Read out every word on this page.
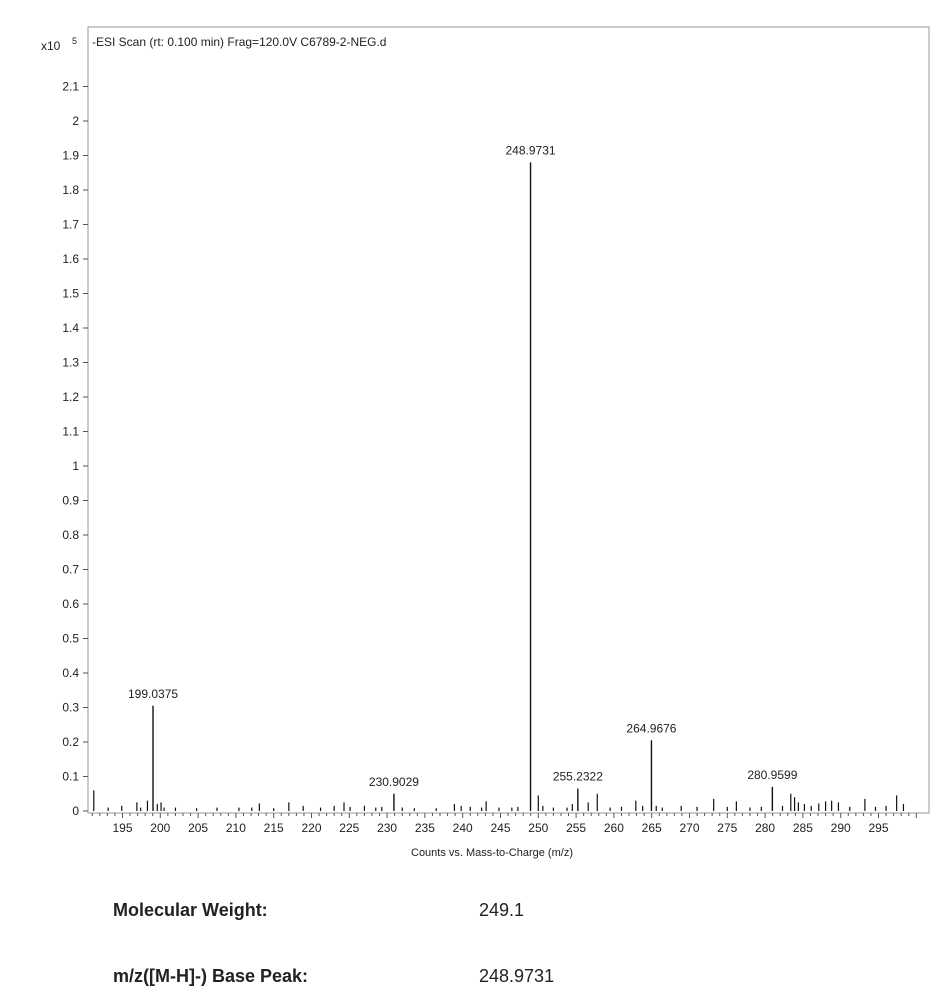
-ESI Scan (rt: 0.100 min) Frag=120.0V C6789-2-NEG.d
x10 5
0
0.1
0.2
0.3
0.4
0.5
0.6
0.7
0.8
0.9
1
1.1
1.2
1.3
1.4
1.5
1.6
1.7
1.8
1.9
2
2.1
195 200 205 210 215 220 225 230 235 240 245 250 255 260 265 270 275 280 285 290 295
199.0375
230.9029
248.9731
255.2322
264.9676
280.9599
Counts vs. Mass-to-Charge (m/z)
Molecular Weight:	249.1
m/z([M-H]-) Base Peak:	248.9731
